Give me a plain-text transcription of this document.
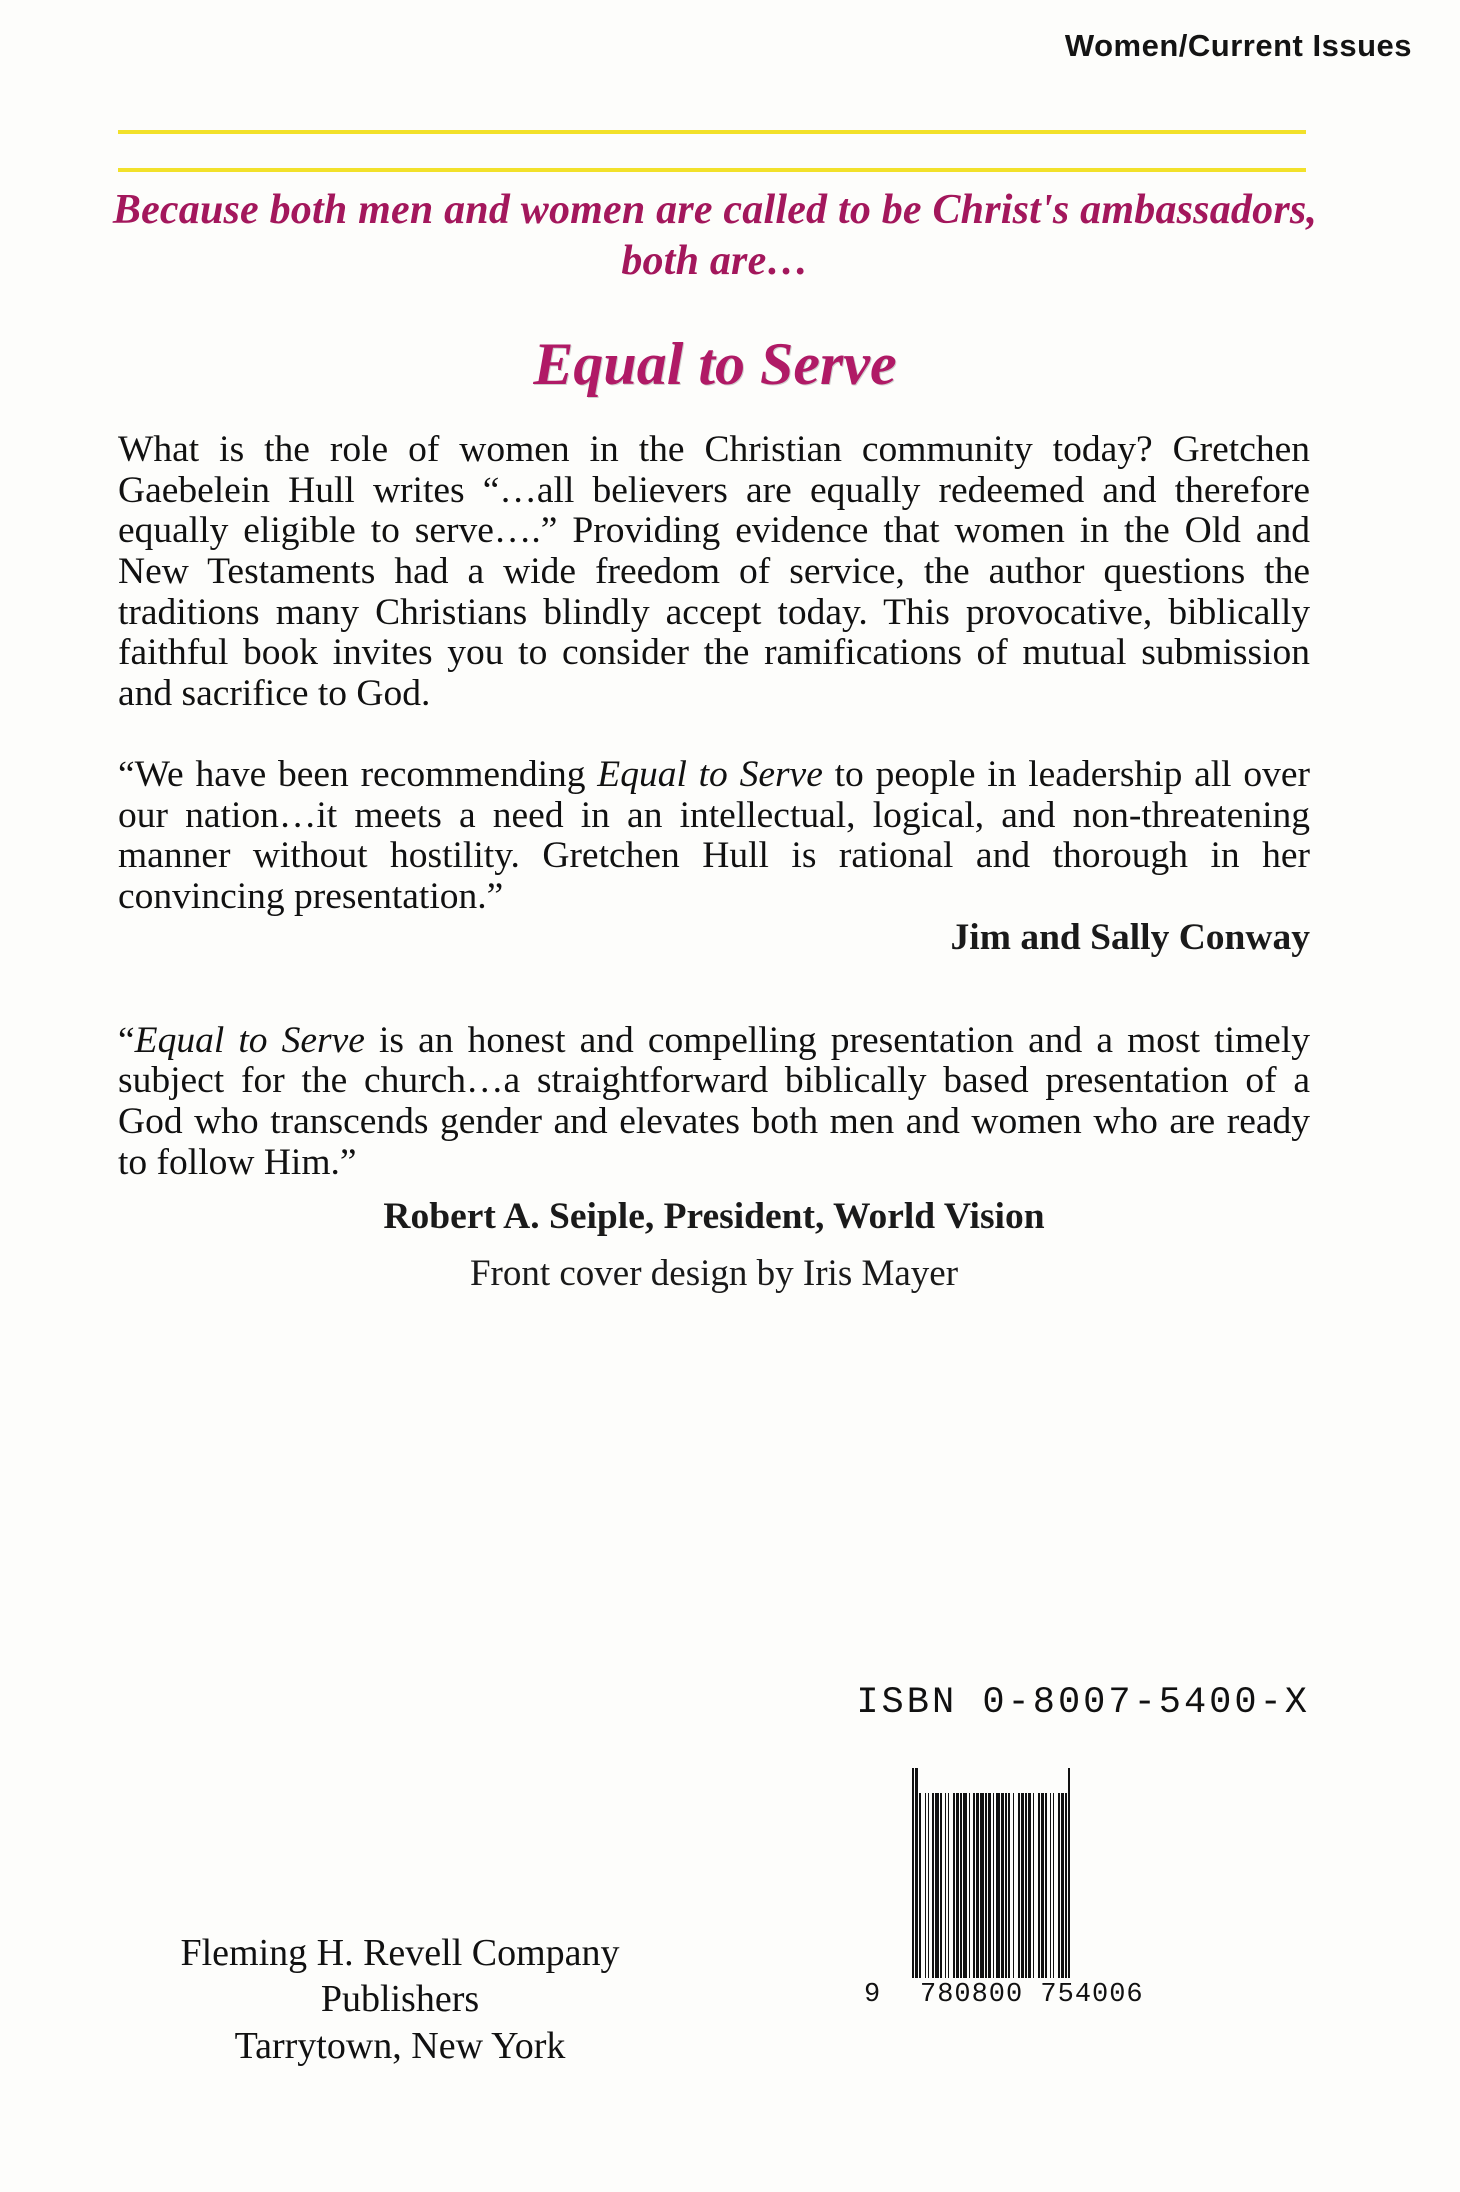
Women/Current Issues
Because both men and women are called to be Christ's ambassadors, both are…
Equal to Serve

What is the role of women in the Christian community today? Gretchen Gaebelein Hull writes “…all believers are equally redeemed and therefore equally eligible to serve….” Providing evidence that women in the Old and New Testaments had a wide freedom of service, the author questions the traditions many Christians blindly accept today. This provocative, biblically faithful book invites you to consider the ramifications of mutual submission and sacrifice to God.

“We have been recommending Equal to Serve to people in leadership all over our nation…it meets a need in an intellectual, logical, and non-threatening manner without hostility. Gretchen Hull is rational and thorough in her convincing presentation.”

Jim and Sally Conway

“Equal to Serve is an honest and compelling presentation and a most timely subject for the church…a straightforward biblically based presentation of a God who transcends gender and elevates both men and women who are ready to follow Him.”

Robert A. Seiple, President, World Vision

Front cover design by Iris Mayer

ISBN 0-8007-5400-X
9 780800 754006
Fleming H. Revell Company
Publishers
Tarrytown, New York
